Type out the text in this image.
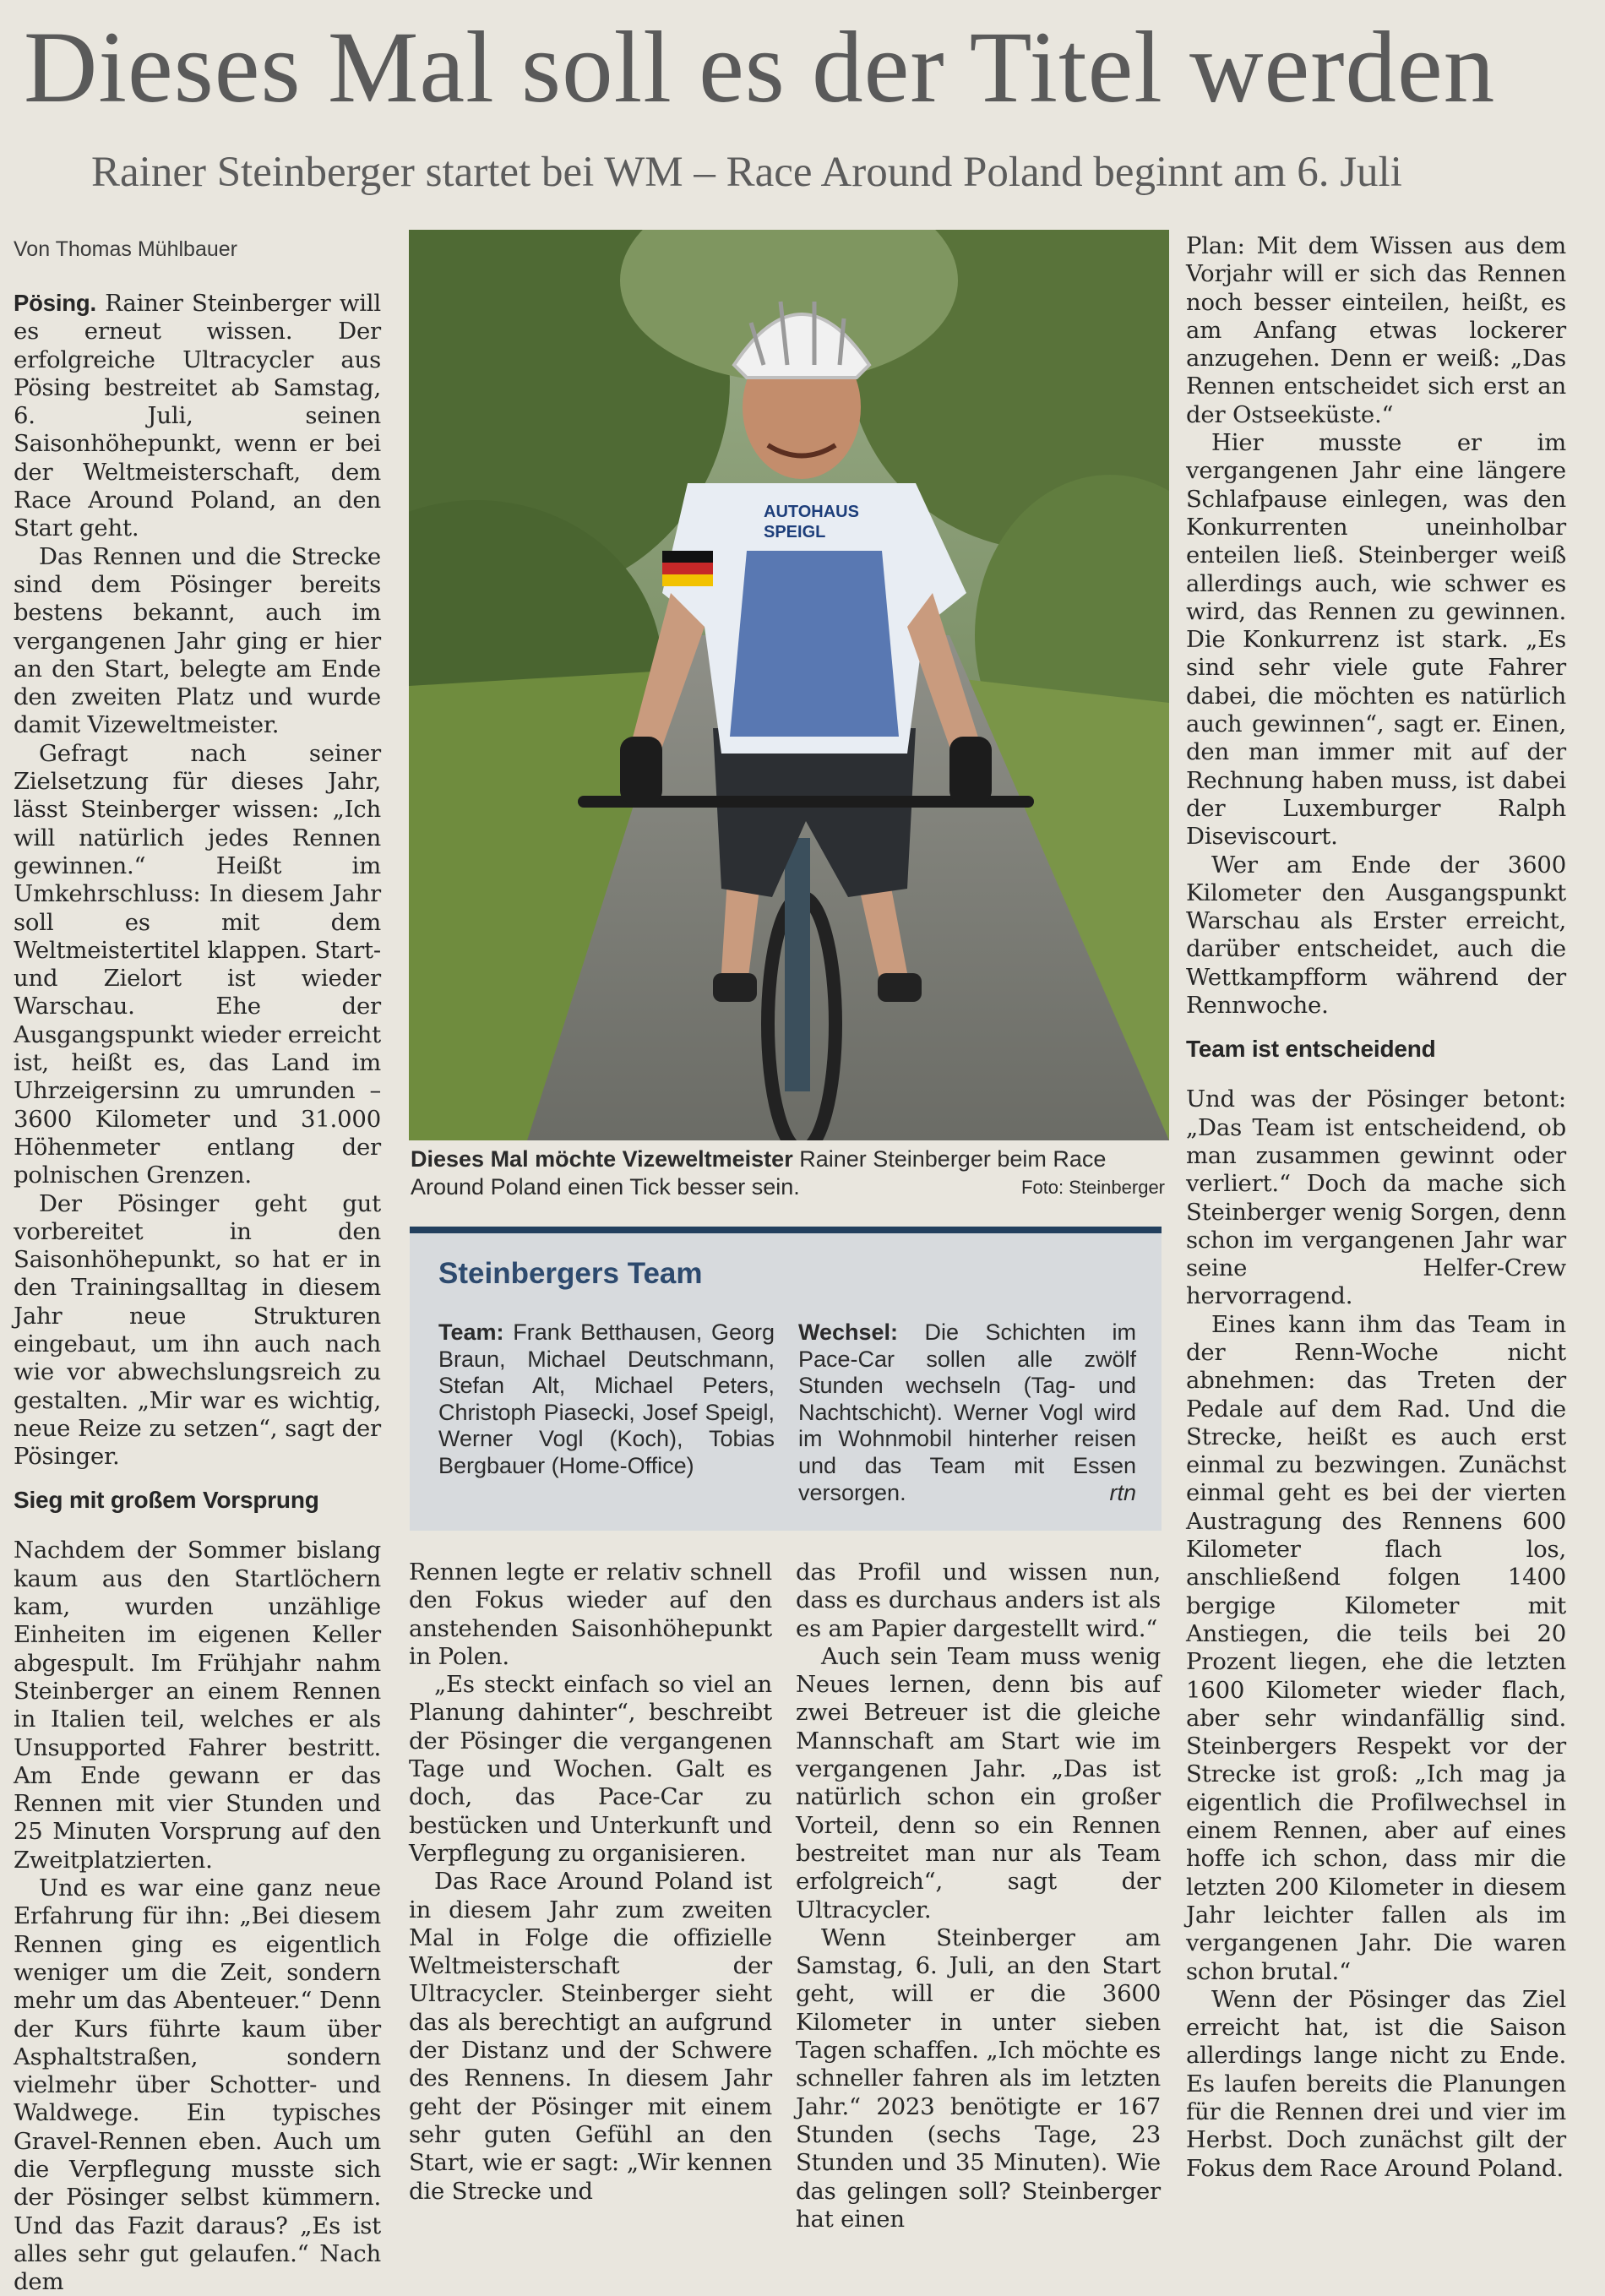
Dieses Mal soll es der Titel werden
Rainer Steinberger startet bei WM – Race Around Poland beginnt am 6. Juli
Von Thomas Mühlbauer

Pösing. Rainer Steinberger will es erneut wissen. Der erfolgreiche Ultracycler aus Pösing bestreitet ab Samstag, 6. Juli, seinen Saisonhöhepunkt, wenn er bei der Weltmeisterschaft, dem Race Around Poland, an den Start geht.

Das Rennen und die Strecke sind dem Pösinger bereits bestens bekannt, auch im vergangenen Jahr ging er hier an den Start, belegte am Ende den zweiten Platz und wurde damit Vizeweltmeister.

Gefragt nach seiner Zielsetzung für dieses Jahr, lässt Steinberger wissen: „Ich will natürlich jedes Rennen gewinnen.“ Heißt im Umkehrschluss: In diesem Jahr soll es mit dem Weltmeistertitel klappen. Start- und Zielort ist wieder Warschau. Ehe der Ausgangspunkt wieder erreicht ist, heißt es, das Land im Uhrzeigersinn zu umrunden – 3600 Kilometer und 31.000 Höhenmeter entlang der polnischen Grenzen.

Der Pösinger geht gut vorbereitet in den Saisonhöhepunkt, so hat er in den Trainingsalltag in diesem Jahr neue Strukturen eingebaut, um ihn auch nach wie vor abwechslungsreich zu gestalten. „Mir war es wichtig, neue Reize zu setzen“, sagt der Pösinger.

Sieg mit großem Vorsprung

Nachdem der Sommer bislang kaum aus den Startlöchern kam, wurden unzählige Einheiten im eigenen Keller abgespult. Im Frühjahr nahm Steinberger an einem Rennen in Italien teil, welches er als Unsupported Fahrer bestritt. Am Ende gewann er das Rennen mit vier Stunden und 25 Minuten Vorsprung auf den Zweitplatzierten.

Und es war eine ganz neue Erfahrung für ihn: „Bei diesem Rennen ging es eigentlich weniger um die Zeit, sondern mehr um das Abenteuer.“ Denn der Kurs führte kaum über Asphaltstraßen, sondern vielmehr über Schotter- und Waldwege. Ein typisches Gravel-Rennen eben. Auch um die Verpflegung musste sich der Pösinger selbst kümmern. Und das Fazit daraus? „Es ist alles sehr gut gelaufen.“ Nach dem

AUTOHAUS
SPEIGL
Dieses Mal möchte Vizeweltmeister Rainer Steinberger beim Race Around Poland einen Tick besser sein.	Foto: Steinberger
Steinbergers Team
Team: Frank Betthausen, Georg Braun, Michael Deutschmann, Stefan Alt, Michael Peters, Christoph Piasecki, Josef Speigl, Werner Vogl (Koch), Tobias Bergbauer (Home-Office)
Wechsel: Die Schichten im Pace-Car sollen alle zwölf Stunden wechseln (Tag- und Nachtschicht). Werner Vogl wird im Wohnmobil hinterher reisen und das Team mit Essen versorgen.	rtn

Rennen legte er relativ schnell den Fokus wieder auf den anstehenden Saisonhöhepunkt in Polen.

„Es steckt einfach so viel an Planung dahinter“, beschreibt der Pösinger die vergangenen Tage und Wochen. Galt es doch, das Pace-Car zu bestücken und Unterkunft und Verpflegung zu organisieren.

Das Race Around Poland ist in diesem Jahr zum zweiten Mal in Folge die offizielle Weltmeisterschaft der Ultracycler. Steinberger sieht das als berechtigt an aufgrund der Distanz und der Schwere des Rennens. In diesem Jahr geht der Pösinger mit einem sehr guten Gefühl an den Start, wie er sagt: „Wir kennen die Strecke und

das Profil und wissen nun, dass es durchaus anders ist als es am Papier dargestellt wird.“

Auch sein Team muss wenig Neues lernen, denn bis auf zwei Betreuer ist die gleiche Mannschaft am Start wie im vergangenen Jahr. „Das ist natürlich schon ein großer Vorteil, denn so ein Rennen bestreitet man nur als Team erfolgreich“, sagt der Ultracycler.

Wenn Steinberger am Samstag, 6. Juli, an den Start geht, will er die 3600 Kilometer in unter sieben Tagen schaffen. „Ich möchte es schneller fahren als im letzten Jahr.“ 2023 benötigte er 167 Stunden (sechs Tage, 23 Stunden und 35 Minuten). Wie das gelingen soll? Steinberger hat einen

Plan: Mit dem Wissen aus dem Vorjahr will er sich das Rennen noch besser einteilen, heißt, es am Anfang etwas lockerer anzugehen. Denn er weiß: „Das Rennen entscheidet sich erst an der Ostseeküste.“

Hier musste er im vergangenen Jahr eine längere Schlafpause einlegen, was den Konkurrenten uneinholbar enteilen ließ. Steinberger weiß allerdings auch, wie schwer es wird, das Rennen zu gewinnen. Die Konkurrenz ist stark. „Es sind sehr viele gute Fahrer dabei, die möchten es natürlich auch gewinnen“, sagt er. Einen, den man immer mit auf der Rechnung haben muss, ist dabei der Luxemburger Ralph Diseviscourt.

Wer am Ende der 3600 Kilometer den Ausgangspunkt Warschau als Erster erreicht, darüber entscheidet, auch die Wettkampfform während der Rennwoche.

Team ist entscheidend

Und was der Pösinger betont: „Das Team ist entscheidend, ob man zusammen gewinnt oder verliert.“ Doch da mache sich Steinberger wenig Sorgen, denn schon im vergangenen Jahr war seine Helfer-Crew hervorragend.

Eines kann ihm das Team in der Renn-Woche nicht abnehmen: das Treten der Pedale auf dem Rad. Und die Strecke, heißt es auch erst einmal zu bezwingen. Zunächst einmal geht es bei der vierten Austragung des Rennens 600 Kilometer flach los, anschließend folgen 1400 bergige Kilometer mit Anstiegen, die teils bei 20 Prozent liegen, ehe die letzten 1600 Kilometer wieder flach, aber sehr windanfällig sind. Steinbergers Respekt vor der Strecke ist groß: „Ich mag ja eigentlich die Profilwechsel in einem Rennen, aber auf eines hoffe ich schon, dass mir die letzten 200 Kilometer in diesem Jahr leichter fallen als im vergangenen Jahr. Die waren schon brutal.“

Wenn der Pösinger das Ziel erreicht hat, ist die Saison allerdings lange nicht zu Ende. Es laufen bereits die Planungen für die Rennen drei und vier im Herbst. Doch zunächst gilt der Fokus dem Race Around Poland.
